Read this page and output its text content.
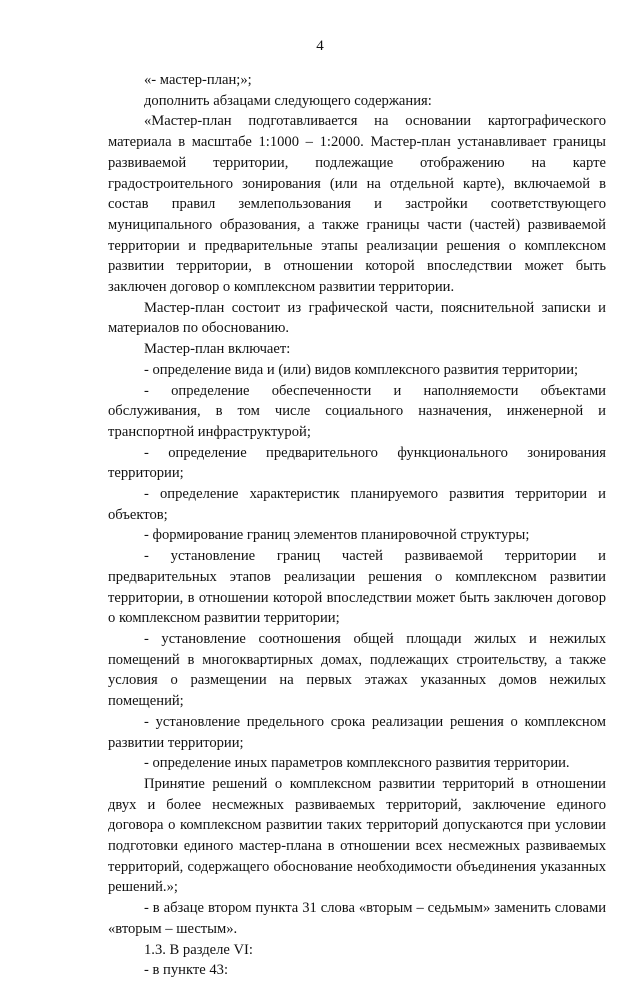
4

«- мастер-план;»;

дополнить абзацами следующего содержания:

«Мастер-план подготавливается на основании картографического материала в масштабе 1:1000 – 1:2000. Мастер-план устанавливает границы развиваемой территории, подлежащие отображению на карте градостроительного зонирования (или на отдельной карте), включаемой в состав правил землепользования и застройки соответствующего муниципального образования, а также границы части (частей) развиваемой территории и предварительные этапы реализации решения о комплексном развитии территории, в отношении которой впоследствии может быть заключен договор о комплексном развитии территории.

Мастер-план состоит из графической части, пояснительной записки и материалов по обоснованию.

Мастер-план включает:

- определение вида и (или) видов комплексного развития территории;

- определение обеспеченности и наполняемости объектами обслуживания, в том числе социального назначения, инженерной и транспортной инфраструктурой;

- определение предварительного функционального зонирования территории;

- определение характеристик планируемого развития территории и объектов;

- формирование границ элементов планировочной структуры;

- установление границ частей развиваемой территории и предварительных этапов реализации решения о комплексном развитии территории, в отношении которой впоследствии может быть заключен договор о комплексном развитии территории;

- установление соотношения общей площади жилых и нежилых помещений в многоквартирных домах, подлежащих строительству, а также условия о размещении на первых этажах указанных домов нежилых помещений;

- установление предельного срока реализации решения о комплексном развитии территории;

- определение иных параметров комплексного развития территории.

Принятие решений о комплексном развитии территорий в отношении двух и более несмежных развиваемых территорий, заключение единого договора о комплексном развитии таких территорий допускаются при условии подготовки единого мастер-плана в отношении всех несмежных развиваемых территорий, содержащего обоснование необходимости объединения указанных решений.»;

- в абзаце втором пункта 31 слова «вторым – седьмым» заменить словами «вторым – шестым».

1.3. В разделе VI:

- в пункте 43:
